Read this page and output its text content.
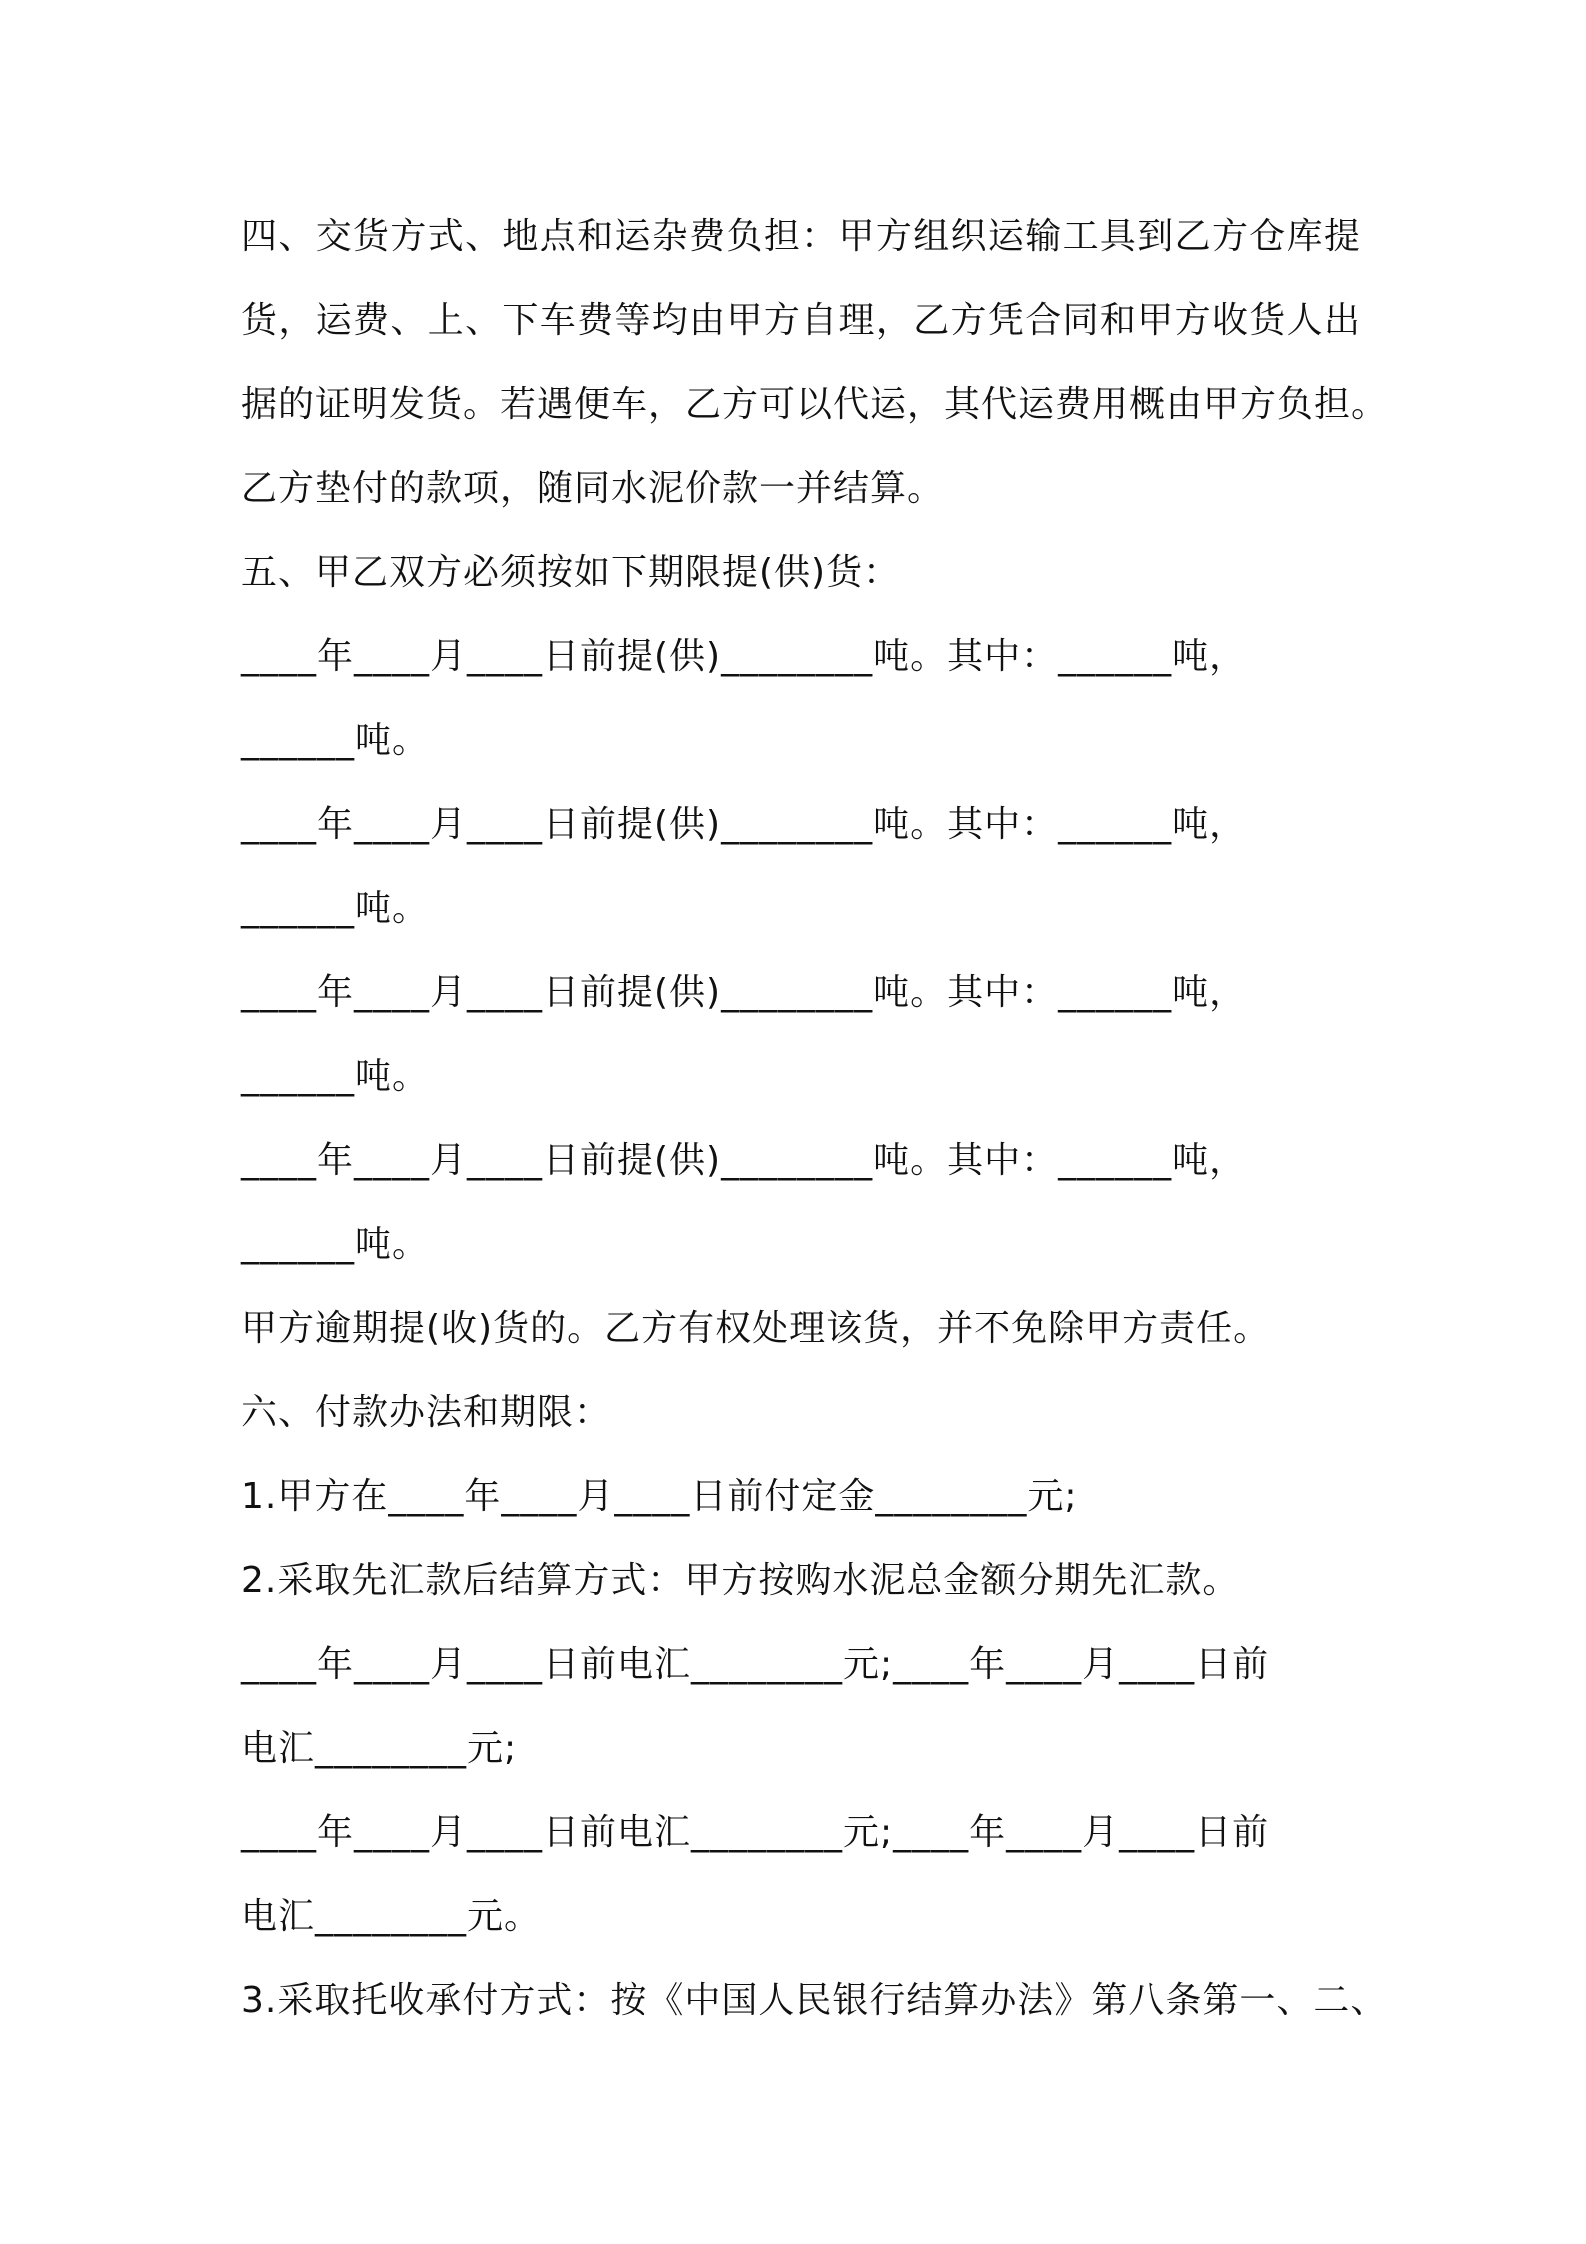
四、交货方式、地点和运杂费负担：甲方组织运输工具到乙方仓库提
货，运费、上、下车费等均由甲方自理，乙方凭合同和甲方收货人出
据的证明发货。若遇便车，乙方可以代运，其代运费用概由甲方负担。
乙方垫付的款项，随同水泥价款一并结算。
五、甲乙双方必须按如下期限提(供)货：
____年____月____日前提(供)________吨。其中：______吨，
______吨。
____年____月____日前提(供)________吨。其中：______吨，
______吨。
____年____月____日前提(供)________吨。其中：______吨，
______吨。
____年____月____日前提(供)________吨。其中：______吨，
______吨。
甲方逾期提(收)货的。乙方有权处理该货，并不免除甲方责任。
六、付款办法和期限：
1.甲方在____年____月____日前付定金________元;
2.采取先汇款后结算方式：甲方按购水泥总金额分期先汇款。
____年____月____日前电汇________元;____年____月____日前
电汇________元;
____年____月____日前电汇________元;____年____月____日前
电汇________元。
3.采取托收承付方式：按《中国人民银行结算办法》第八条第一、二、
